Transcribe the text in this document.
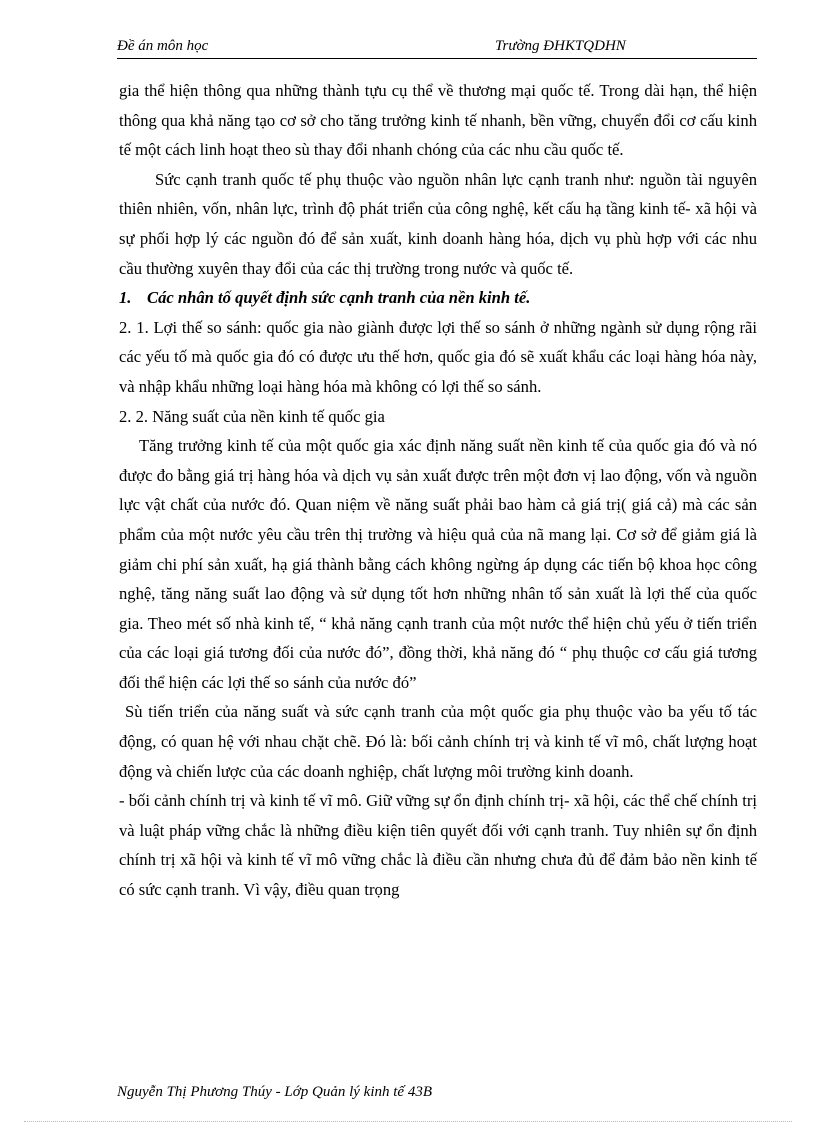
Đề án môn học	Trường ĐHKTQDHN

gia thể hiện thông qua những thành tựu cụ thể về thương mại quốc tế. Trong dài hạn, thể hiện thông qua khả năng tạo cơ sở cho tăng trưởng kinh tế nhanh, bền vững, chuyển đổi cơ cấu kinh tế một cách linh hoạt theo sù thay đổi nhanh chóng của các nhu cầu quốc tế.

Sức cạnh tranh quốc tế phụ thuộc vào nguồn nhân lực cạnh tranh như: nguồn tài nguyên thiên nhiên, vốn, nhân lực, trình độ phát triển của công nghệ, kết cấu hạ tầng kinh tế- xã hội và sự phối hợp lý các nguồn đó để sản xuất, kinh doanh hàng hóa, dịch vụ phù hợp với các nhu cầu thường xuyên thay đổi của các thị trường trong nước và quốc tế.

1. Các nhân tố quyết định sức cạnh tranh của nền kinh tế.

2. 1. Lợi thế so sánh: quốc gia nào giành được lợi thế so sánh ở những ngành sử dụng rộng rãi các yếu tố mà quốc gia đó có được ưu thế hơn, quốc gia đó sẽ xuất khẩu các loại hàng hóa này, và nhập khẩu những loại hàng hóa mà không có lợi thế so sánh.

2. 2. Năng suất của nền kinh tế quốc gia

Tăng trưởng kinh tế của một quốc gia xác định năng suất nền kinh tế của quốc gia đó và nó được đo bằng giá trị hàng hóa và dịch vụ sản xuất được trên một đơn vị lao động, vốn và nguồn lực vật chất của nước đó. Quan niệm về năng suất phải bao hàm cả giá trị( giá cả) mà các sản phẩm của một nước yêu cầu trên thị trường và hiệu quả của nã mang lại. Cơ sở để giảm giá là giảm chi phí sản xuất, hạ giá thành bằng cách không ngừng áp dụng các tiến bộ khoa học công nghệ, tăng năng suất lao động và sử dụng tốt hơn những nhân tố sản xuất là lợi thế của quốc gia. Theo mét số nhà kinh tế, “ khả năng cạnh tranh của một nước thể hiện chủ yếu ở tiến triển của các loại giá tương đối của nước đó”, đồng thời, khả năng đó “ phụ thuộc cơ cấu giá tương đối thể hiện các lợi thế so sánh của nước đó”

Sù tiến triển của năng suất và sức cạnh tranh của một quốc gia phụ thuộc vào ba yếu tố tác động, có quan hệ với nhau chặt chẽ. Đó là: bối cảnh chính trị và kinh tế vĩ mô, chất lượng hoạt động và chiến lược của các doanh nghiệp, chất lượng môi trường kinh doanh.

- bối cảnh chính trị và kinh tế vĩ mô. Giữ vững sự ổn định chính trị- xã hội, các thể chế chính trị và luật pháp vững chắc là những điều kiện tiên quyết đối với cạnh tranh. Tuy nhiên sự ổn định chính trị xã hội và kinh tế vĩ mô vững chắc là điều cần nhưng chưa đủ để đảm bảo nền kinh tế có sức cạnh tranh. Vì vậy, điều quan trọng

Nguyễn Thị Phương Thúy - Lớp Quản lý kinh tế 43B
